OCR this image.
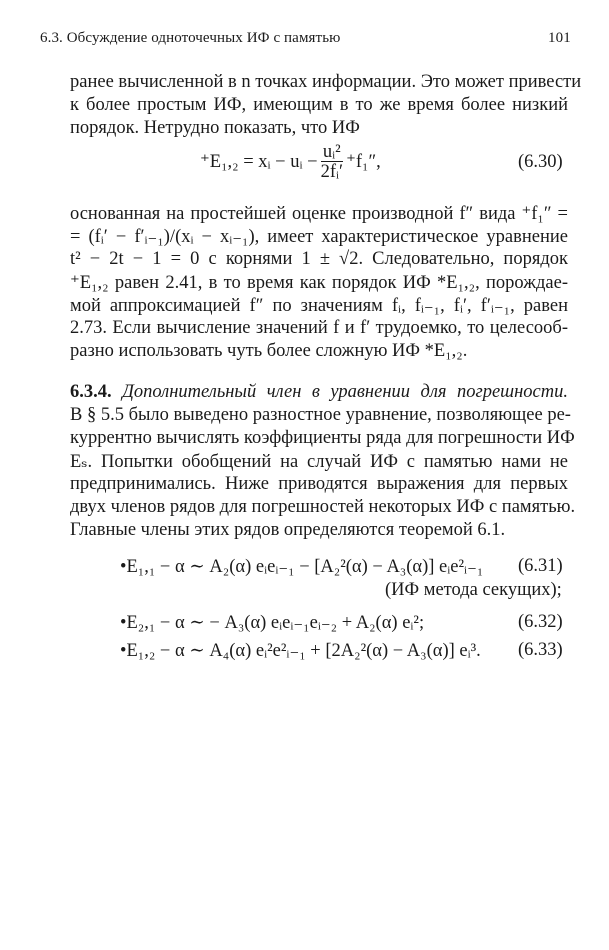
6.3. Обсуждение одноточечных ИФ с памятью	101
ранее вычисленной в n точках информации. Это может привести
к более простым ИФ, имеющим в то же время более низкий
порядок. Нетрудно показать, что ИФ
⁺E₁,₂ = xᵢ − uᵢ − $\frac{\text{uᵢ²}}{\text{2fᵢ′}} ^+f_1''$,	(6.30)
основанная на простейшей оценке производной f″ вида ⁺f₁″ =
= (fᵢ′ − f′ᵢ₋₁)/(xᵢ − xᵢ₋₁), имеет характеристическое уравнение
t² − 2t − 1 = 0 с корнями 1 ± √2. Следовательно, порядок
⁺E₁,₂ равен 2.41, в то время как порядок ИФ *E₁,₂, порождае-
мой аппроксимацией f″ по значениям fᵢ, fᵢ₋₁, fᵢ′, f′ᵢ₋₁, равен
2.73. Если вычисление значений f и f′ трудоемко, то целесооб-
разно использовать чуть более сложную ИФ *E₁,₂.
6.3.4. Дополнительный член в уравнении для погрешности.
В § 5.5 было выведено разностное уравнение, позволяющее ре-
куррентно вычислять коэффициенты ряда для погрешности ИФ
Eₛ. Попытки обобщений на случай ИФ с памятью нами не
предпринимались. Ниже приводятся выражения для первых
двух членов рядов для погрешностей некоторых ИФ с памятью.
Главные члены этих рядов определяются теоремой 6.1.
•E₁,₁ − α ∼ A₂(α) eᵢeᵢ₋₁ − [A₂²(α) − A₃(α)] eᵢe²ᵢ₋₁ (6.31)
(ИФ метода секущих);
•E₂,₁ − α ∼ − A₃(α) eᵢeᵢ₋₁eᵢ₋₂ + A₂(α) eᵢ²;	(6.32)
•E₁,₂ − α ∼ A₄(α) eᵢ²e²ᵢ₋₁ + [2A₂²(α) − A₃(α)] eᵢ³. (6.33)
